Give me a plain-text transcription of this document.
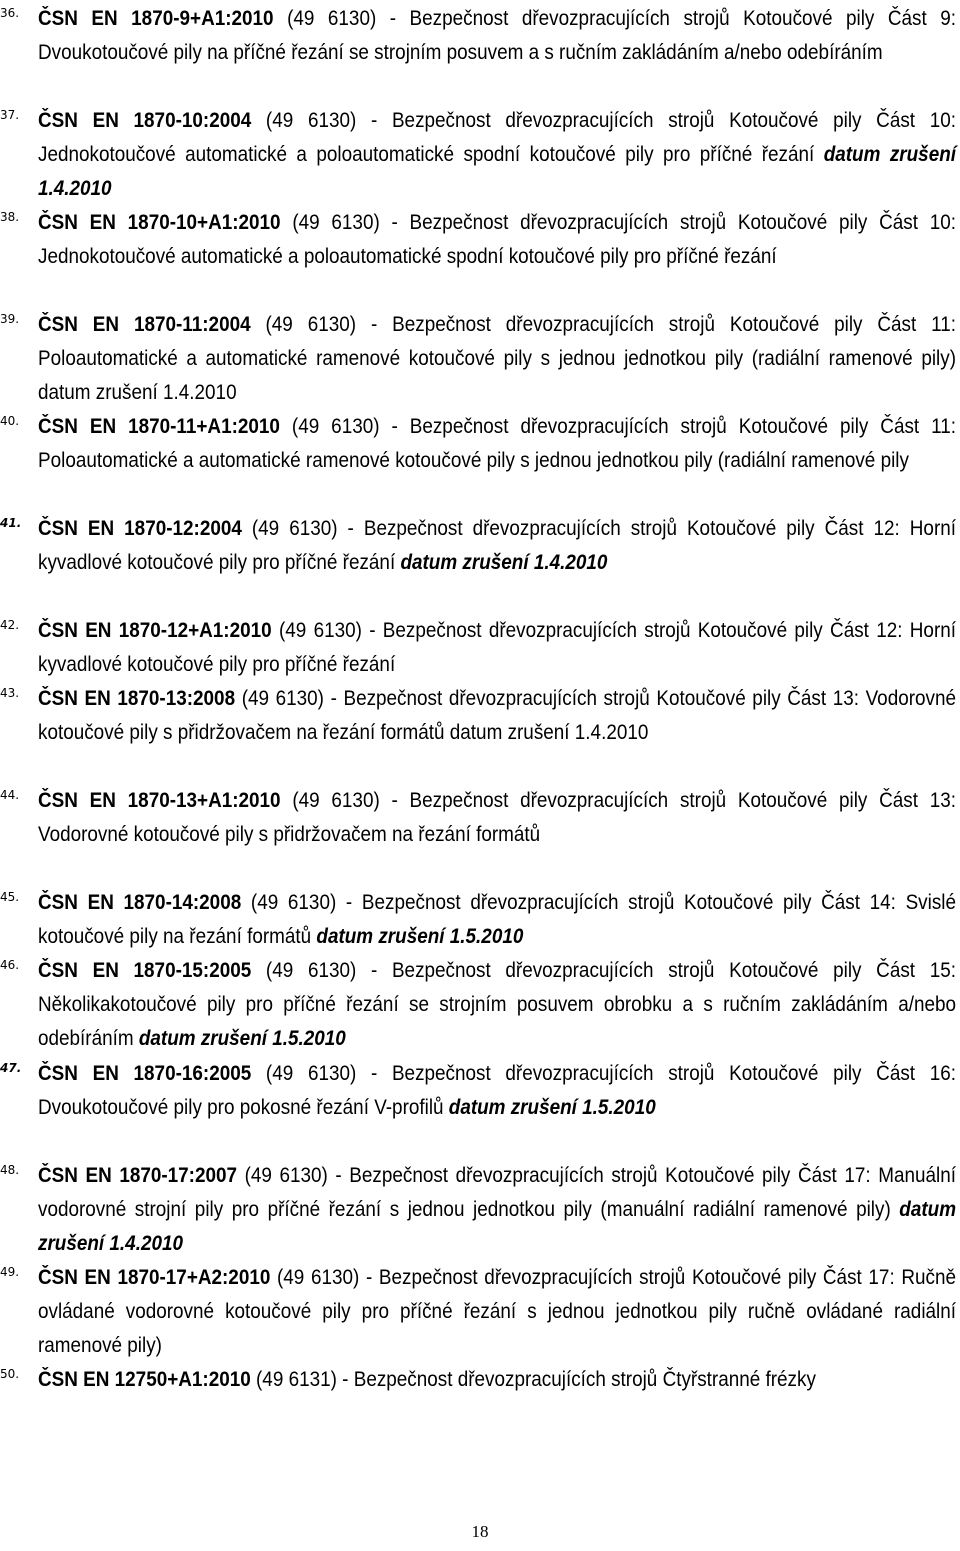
36. ČSN EN 1870-9+A1:2010 (49 6130) - Bezpečnost dřevozpracujících strojů Kotoučové pily Část 9: Dvoukotoučové pily na příčné řezání se strojním posuvem a s ručním zakládáním a/nebo odebíráním
37. ČSN EN 1870-10:2004 (49 6130) - Bezpečnost dřevozpracujících strojů Kotoučové pily Část 10: Jednokotoučové automatické a poloautomatické spodní kotoučové pily pro příčné řezání datum zrušení 1.4.2010
38. ČSN EN 1870-10+A1:2010 (49 6130) - Bezpečnost dřevozpracujících strojů Kotoučové pily Část 10: Jednokotoučové automatické a poloautomatické spodní kotoučové pily pro příčné řezání
39. ČSN EN 1870-11:2004 (49 6130) - Bezpečnost dřevozpracujících strojů Kotoučové pily Část 11: Poloautomatické a automatické ramenové kotoučové pily s jednou jednotkou pily (radiální ramenové pily) datum zrušení 1.4.2010
40. ČSN EN 1870-11+A1:2010 (49 6130) - Bezpečnost dřevozpracujících strojů Kotoučové pily Část 11: Poloautomatické a automatické ramenové kotoučové pily s jednou jednotkou pily (radiální ramenové pily
41. ČSN EN 1870-12:2004 (49 6130) - Bezpečnost dřevozpracujících strojů Kotoučové pily Část 12: Horní kyvadlové kotoučové pily pro příčné řezání datum zrušení 1.4.2010
42. ČSN EN 1870-12+A1:2010 (49 6130) - Bezpečnost dřevozpracujících strojů Kotoučové pily Část 12: Horní kyvadlové kotoučové pily pro příčné řezání
43. ČSN EN 1870-13:2008 (49 6130) - Bezpečnost dřevozpracujících strojů Kotoučové pily Část 13: Vodorovné kotoučové pily s přidržovačem na řezání formátů datum zrušení 1.4.2010
44. ČSN EN 1870-13+A1:2010 (49 6130) - Bezpečnost dřevozpracujících strojů Kotoučové pily Část 13: Vodorovné kotoučové pily s přidržovačem na řezání formátů
45. ČSN EN 1870-14:2008 (49 6130) - Bezpečnost dřevozpracujících strojů Kotoučové pily Část 14: Svislé kotoučové pily na řezání formátů datum zrušení 1.5.2010
46. ČSN EN 1870-15:2005 (49 6130) - Bezpečnost dřevozpracujících strojů Kotoučové pily Část 15: Několikakotoučové pily pro příčné řezání se strojním posuvem obrobku a s ručním zakládáním a/nebo odebíráním datum zrušení 1.5.2010
47. ČSN EN 1870-16:2005 (49 6130) - Bezpečnost dřevozpracujících strojů Kotoučové pily Část 16: Dvoukotoučové pily pro pokosné řezání V-profilů datum zrušení 1.5.2010
48. ČSN EN 1870-17:2007 (49 6130) - Bezpečnost dřevozpracujících strojů Kotoučové pily Část 17: Manuální vodorovné strojní pily pro příčné řezání s jednou jednotkou pily (manuální radiální ramenové pily) datum zrušení 1.4.2010
49. ČSN EN 1870-17+A2:2010 (49 6130) - Bezpečnost dřevozpracujících strojů Kotoučové pily Část 17: Ručně ovládané vodorovné kotoučové pily pro příčné řezání s jednou jednotkou pily ručně ovládané radiální ramenové pily)
50. ČSN EN 12750+A1:2010 (49 6131) - Bezpečnost dřevozpracujících strojů Čtyřstranné frézky
18
